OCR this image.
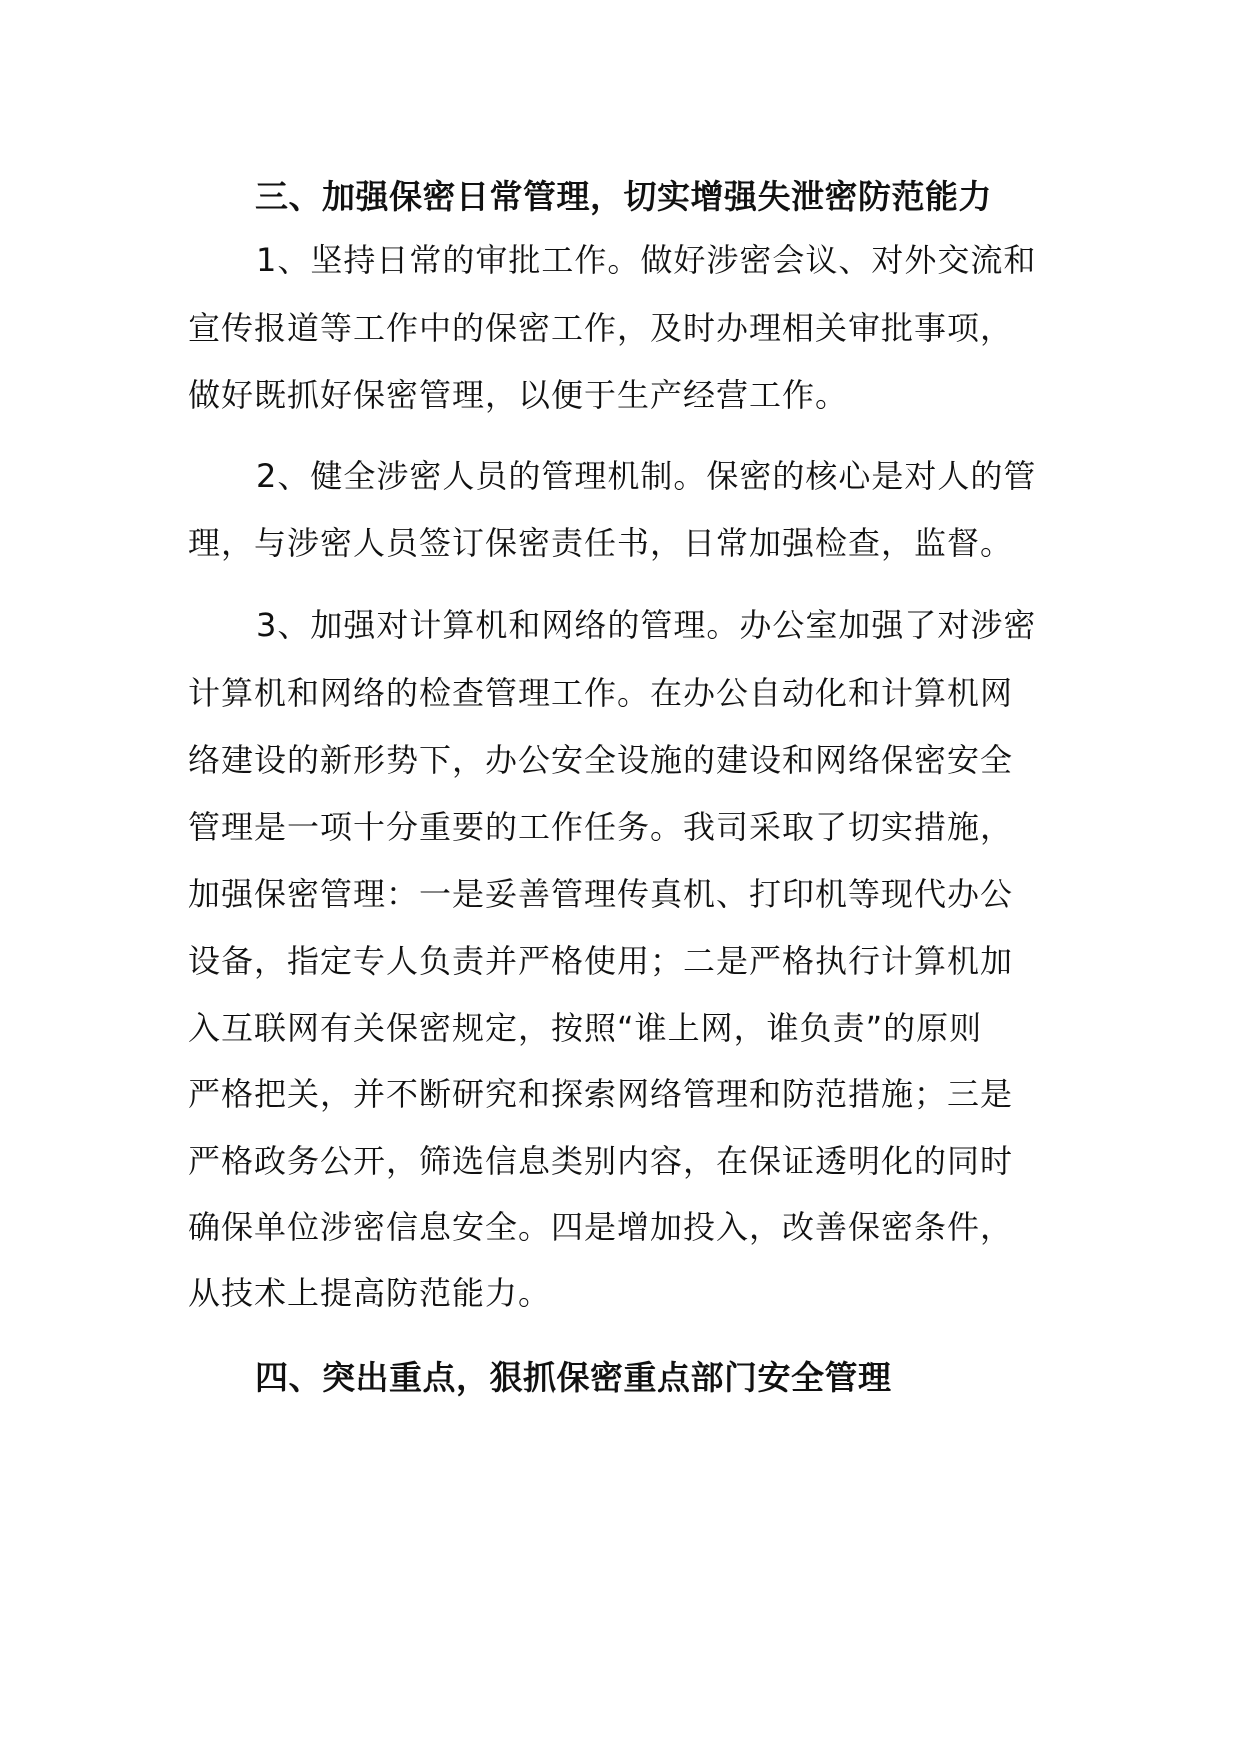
三、加强保密日常管理，切实增强失泄密防范能力
1、坚持日常的审批工作。做好涉密会议、对外交流和
宣传报道等工作中的保密工作，及时办理相关审批事项，
做好既抓好保密管理，以便于生产经营工作。
2、健全涉密人员的管理机制。保密的核心是对人的管
理，与涉密人员签订保密责任书，日常加强检查，监督。
3、加强对计算机和网络的管理。办公室加强了对涉密
计算机和网络的检查管理工作。在办公自动化和计算机网
络建设的新形势下，办公安全设施的建设和网络保密安全
管理是一项十分重要的工作任务。我司采取了切实措施，
加强保密管理：一是妥善管理传真机、打印机等现代办公
设备，指定专人负责并严格使用；二是严格执行计算机加
入互联网有关保密规定，按照“谁上网，谁负责”的原则
严格把关，并不断研究和探索网络管理和防范措施；三是
严格政务公开，筛选信息类别内容，在保证透明化的同时
确保单位涉密信息安全。四是增加投入，改善保密条件，
从技术上提高防范能力。
四、突出重点，狠抓保密重点部门安全管理
